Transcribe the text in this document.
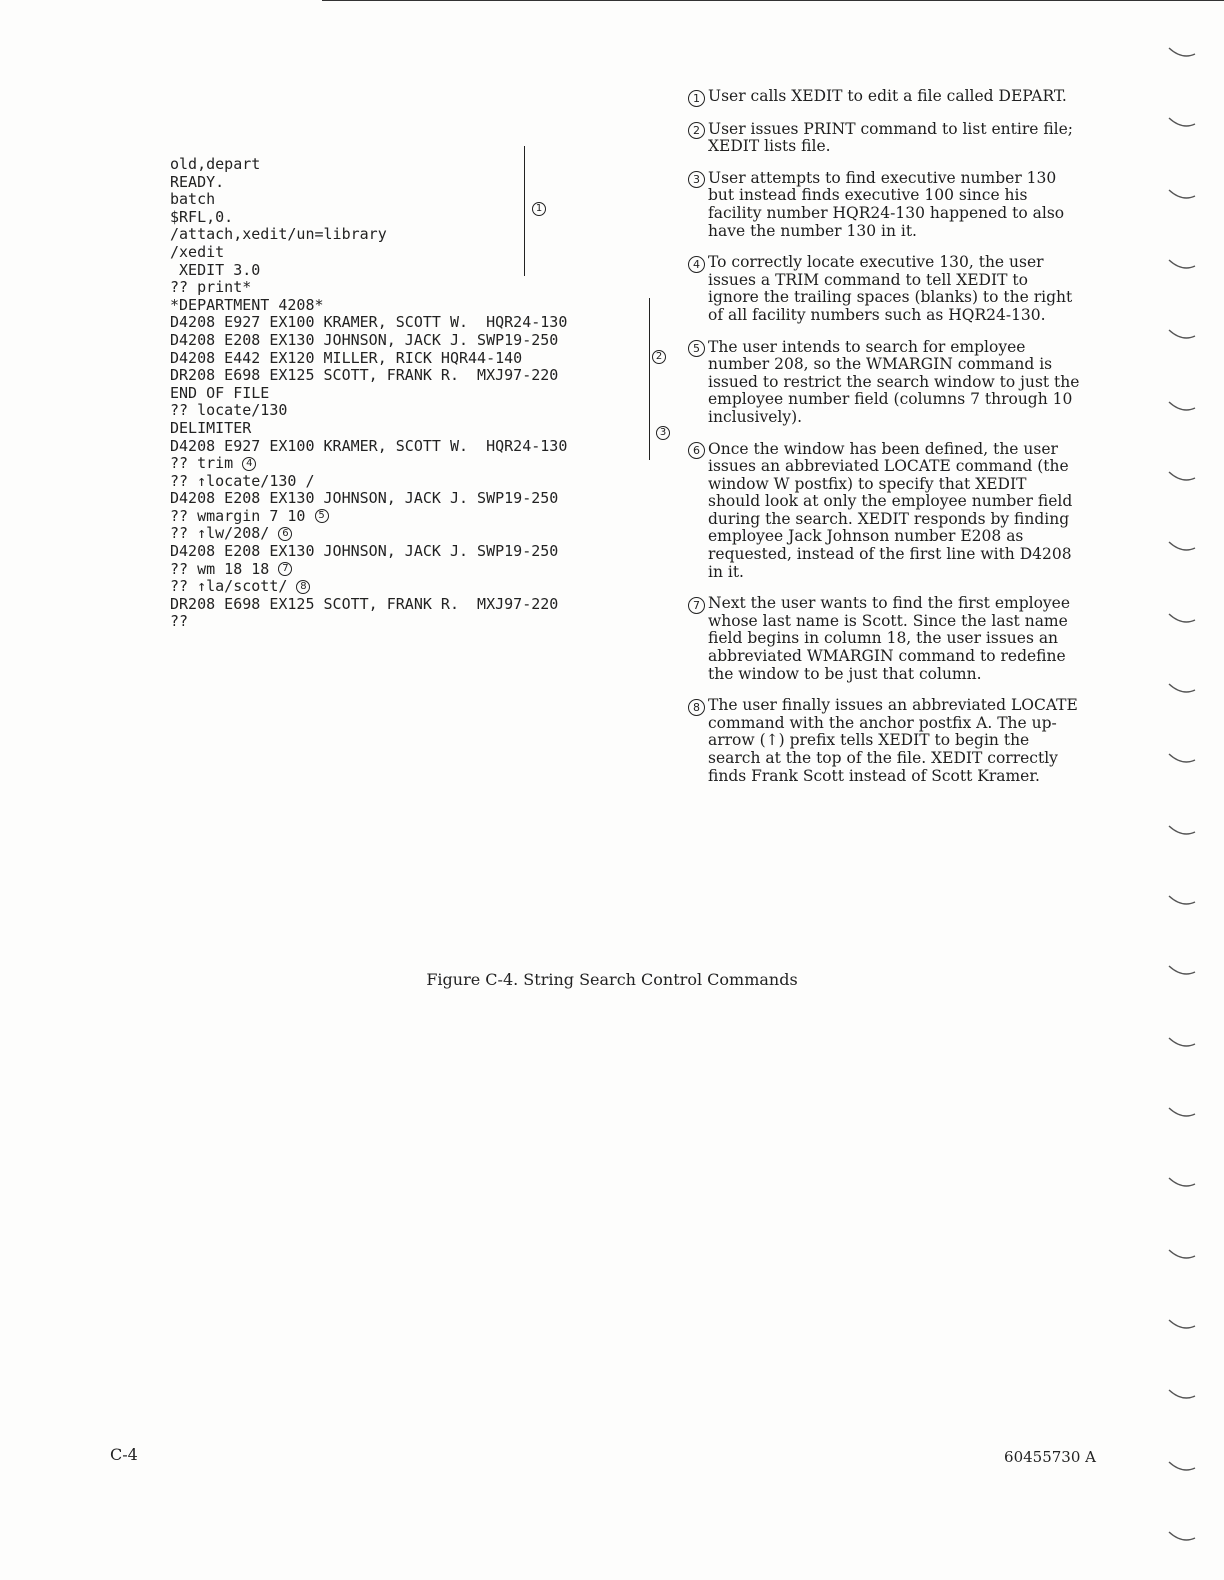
old,depart
READY.
batch
$RFL,0.
/attach,xedit/un=library
/xedit
XEDIT 3.0
?? print*
*DEPARTMENT 4208*
D4208 E927 EX100 KRAMER, SCOTT W.  HQR24-130
D4208 E208 EX130 JOHNSON, JACK J. SWP19-250
D4208 E442 EX120 MILLER, RICK HQR44-140
DR208 E698 EX125 SCOTT, FRANK R.  MXJ97-220
END OF FILE
?? locate/130
DELIMITER
D4208 E927 EX100 KRAMER, SCOTT W.  HQR24-130
?? trim 4
?? ↑locate/130 /
D4208 E208 EX130 JOHNSON, JACK J. SWP19-250
?? wmargin 7 10 5
?? ↑lw/208/ 6
D4208 E208 EX130 JOHNSON, JACK J. SWP19-250
?? wm 18 18 7
?? ↑la/scott/ 8
DR208 E698 EX125 SCOTT, FRANK R.  MXJ97-220
??
1
2
3
1 User calls XEDIT to edit a file called DEPART.
2 User issues PRINT command to list entire file; XEDIT lists file.
3 User attempts to find executive number 130 but instead finds executive 100 since his facility number HQR24-130 happened to also have the number 130 in it.
4 To correctly locate executive 130, the user issues a TRIM command to tell XEDIT to ignore the trailing spaces (blanks) to the right of all facility numbers such as HQR24-130.
5 The user intends to search for employee number 208, so the WMARGIN command is issued to restrict the search window to just the employee number field (columns 7 through 10 inclusively).
6 Once the window has been defined, the user issues an abbreviated LOCATE command (the window W postfix) to specify that XEDIT should look at only the employee number field during the search. XEDIT responds by finding employee Jack Johnson number E208 as requested, instead of the first line with D4208 in it.
7 Next the user wants to find the first employee whose last name is Scott. Since the last name field begins in column 18, the user issues an abbreviated WMARGIN command to redefine the window to be just that column.
8 The user finally issues an abbreviated LOCATE command with the anchor postfix A. The up-arrow (↑) prefix tells XEDIT to begin the search at the top of the file. XEDIT correctly finds Frank Scott instead of Scott Kramer.
Figure C-4. String Search Control Commands
C-4	60455730 A
